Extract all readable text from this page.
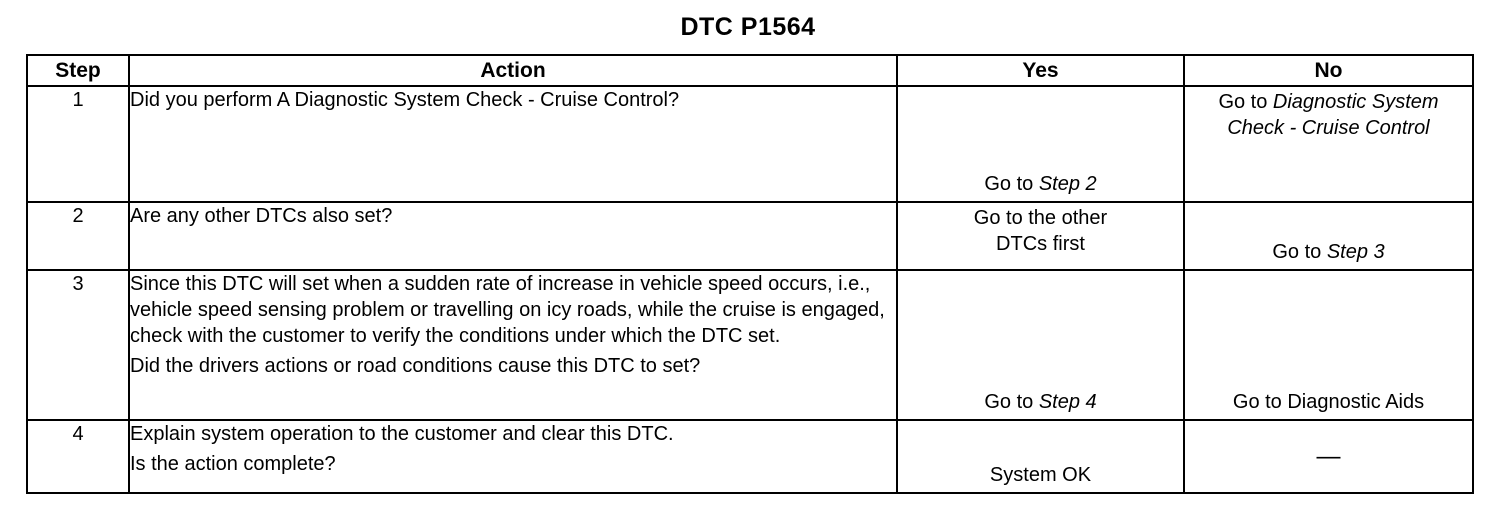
DTC P1564
Step	Action	Yes	No
1	Did you perform A Diagnostic System Check - Cruise Control?	Go to Step 2	Go to Diagnostic System Check - Cruise Control

2	Are any other DTCs also set?	Go to the other DTCs first	Go to Step 3

3	Since this DTC will set when a sudden rate of increase in vehicle speed occurs, i.e., vehicle speed sensing problem or travelling on icy roads, while the cruise is engaged, check with the customer to verify the conditions under which the DTC set.
Did the drivers actions or road conditions cause this DTC to set?	Go to Step 4	Go to Diagnostic Aids

4	Explain system operation to the customer and clear this DTC.
Is the action complete?	System OK	—
